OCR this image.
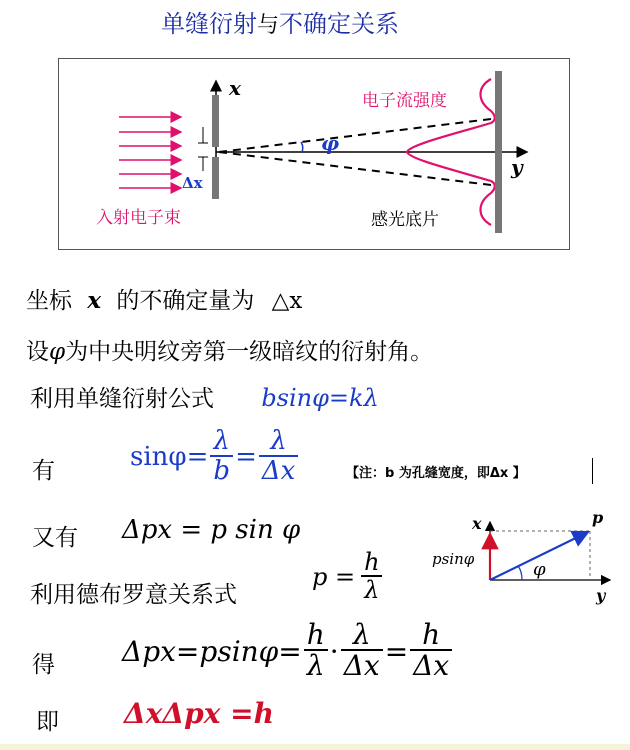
单缝衍射与不确定关系
x
y
电子流强度
φ
Δx
入射电子束	感光底片
坐标 x 的不确定量为 △x
设φ为中央明纹旁第一级暗纹的衍射角。
利用单缝衍射公式 bsinφ=kλ
有	$\sin\varphi= \frac{\lambda}{b} = \frac{\lambda}{\Delta x}$	【注：b 为孔缝宽度，即Δx 】
又有 Δpx = p sin φ	x
y
p
psinφ	φ
利用德布罗意关系式
$p = \frac{h}{\lambda}$
得 $\Delta px=psin\varphi= \frac{h}{\lambda} \cdot \frac{\lambda}{\Delta x} = \frac{h}{\Delta x}$
即 ΔxΔpx =h
